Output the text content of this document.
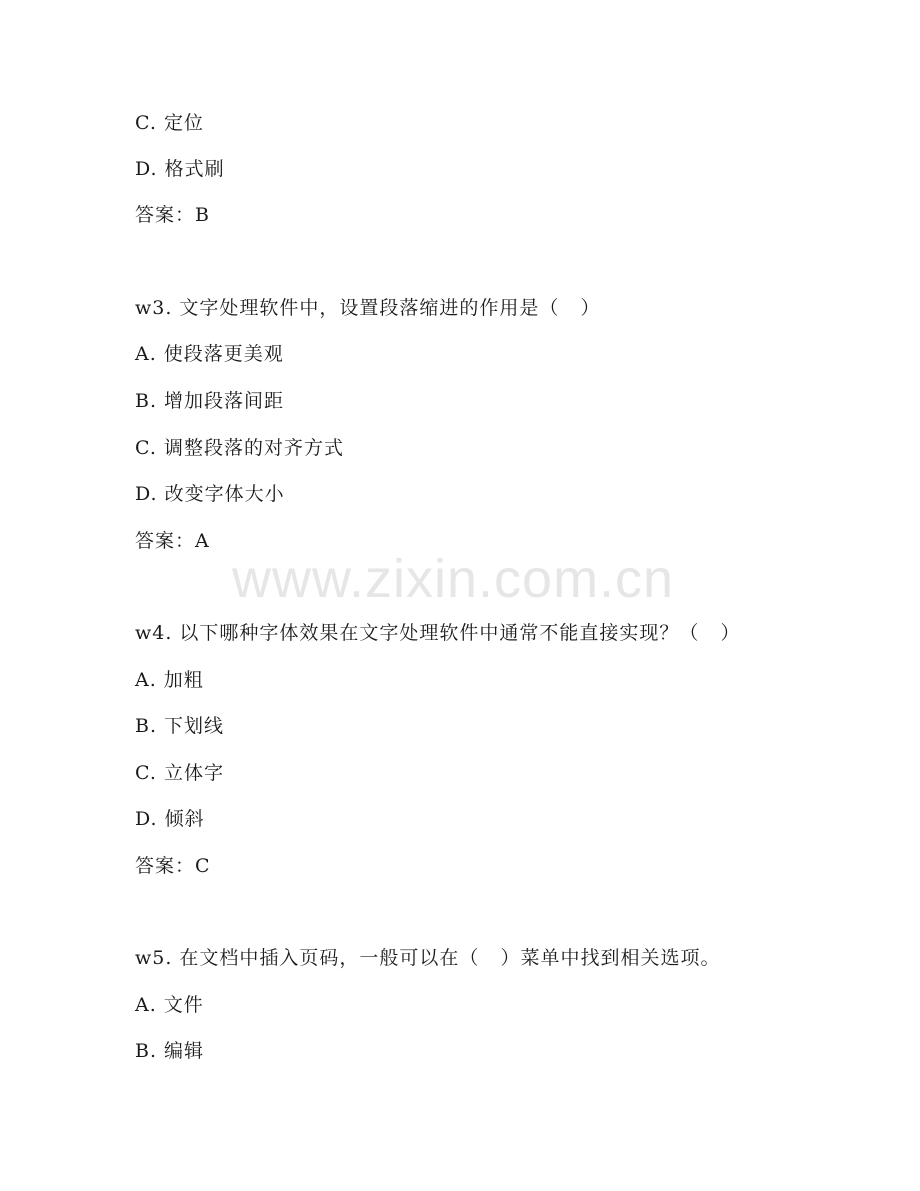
www.zixin.com.cn
C. 定位
D. 格式刷
答案：B
w3. 文字处理软件中，设置段落缩进的作用是（   ）
A. 使段落更美观
B. 增加段落间距
C. 调整段落的对齐方式
D. 改变字体大小
答案：A
w4. 以下哪种字体效果在文字处理软件中通常不能直接实现？（   ）
A. 加粗
B. 下划线
C. 立体字
D. 倾斜
答案：C
w5. 在文档中插入页码，一般可以在（   ）菜单中找到相关选项。
A. 文件
B. 编辑
